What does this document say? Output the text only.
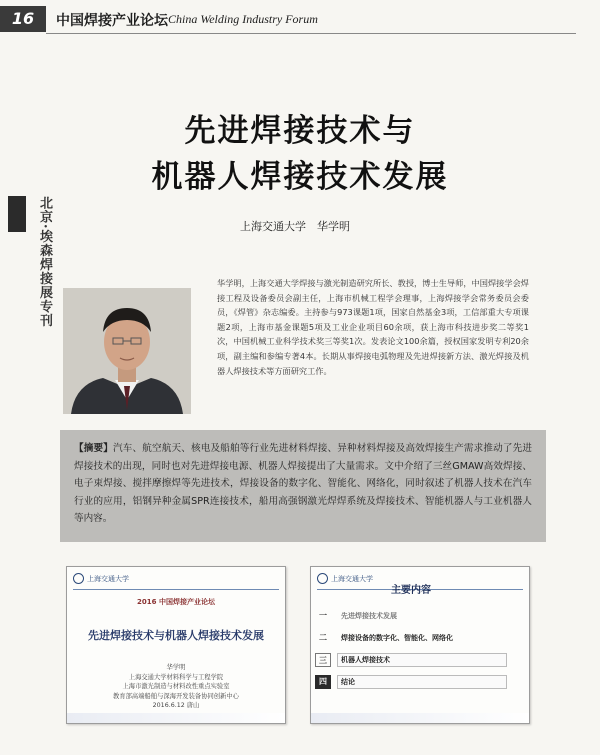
16	中国焊接产业论坛 China Welding Industry Forum
北京·埃森焊接展专刊
先进焊接技术与
机器人焊接技术发展
上海交通大学　华学明
华学明，上海交通大学焊接与激光制造研究所长、教授，博士生导师，中国焊接学会焊接工程及设备委员会副主任，上海市机械工程学会理事，上海焊接学会常务委员会委员，《焊管》杂志编委。主持参与973课题1项，国家自然基金3项，工信部重大专项课题2项，上海市基金课题5项及工业企业项目60余项，获上海市科技进步奖二等奖1次，中国机械工业科学技术奖三等奖1次。发表论文100余篇，授权国家发明专利20余项，副主编和参编专著4本。长期从事焊接电弧物理及先进焊接新方法、激光焊接及机器人焊接技术等方面研究工作。
【摘要】汽车、航空航天、核电及船舶等行业先进材料焊接、异种材料焊接及高效焊接生产需求推动了先进焊接技术的出现，同时也对先进焊接电源、机器人焊接提出了大量需求。文中介绍了三丝GMAW高效焊接、电子束焊接、搅拌摩擦焊等先进技术，焊接设备的数字化、智能化、网络化，同时叙述了机器人技术在汽车行业的应用，铝钢异种金属SPR连接技术，船用高强钢激光焊焊系统及焊接技术、智能机器人与工业机器人等内容。
上海交通大学
2016 中国焊接产业论坛
先进焊接技术与机器人焊接技术发展
华学明
上海交通大学材料科学与工程学院
上海市激光制造与材料改性重点实验室
教育部高端船舶与深海开发装备协同创新中心
2016.6.12 唐山
上海交通大学
主要内容
一	先进焊接技术发展
二	焊接设备的数字化、智能化、网络化
三	机器人焊接技术
四	结论
